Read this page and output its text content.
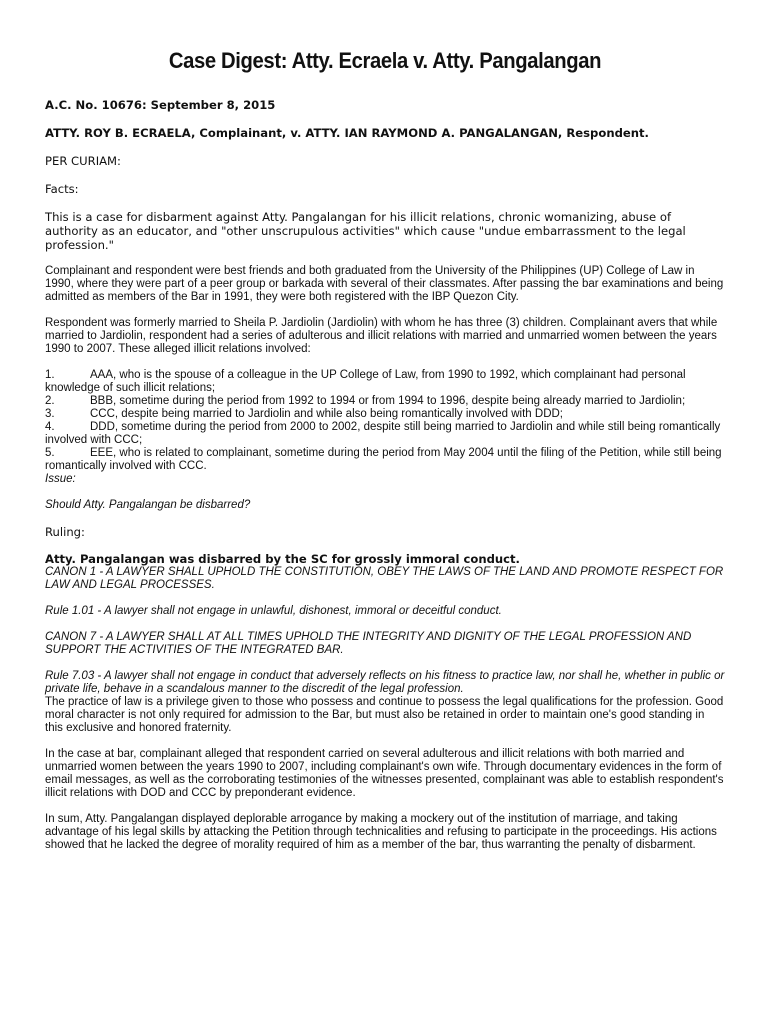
Case Digest: Atty. Ecraela v. Atty. Pangalangan

A.C. No. 10676: September 8, 2015

ATTY. ROY B. ECRAELA, Complainant, v. ATTY. IAN RAYMOND A. PANGALANGAN, Respondent.

PER CURIAM:

Facts:

This is a case for disbarment against Atty. Pangalangan for his illicit relations, chronic womanizing, abuse of authority as an educator, and "other unscrupulous activities" which cause "undue embarrassment to the legal profession."

Complainant and respondent were best friends and both graduated from the University of the Philippines (UP) College of Law in 1990, where they were part of a peer group or barkada with several of their classmates. After passing the bar examinations and being admitted as members of the Bar in 1991, they were both registered with the IBP Quezon City.

Respondent was formerly married to Sheila P. Jardiolin (Jardiolin) with whom he has three (3) children. Complainant avers that while married to Jardiolin, respondent had a series of adulterous and illicit relations with married and unmarried women between the years 1990 to 2007. These alleged illicit relations involved:

1.	AAA, who is the spouse of a colleague in the UP College of Law, from 1990 to 1992, which complainant had personal knowledge of such illicit relations;
2.	BBB, sometime during the period from 1992 to 1994 or from 1994 to 1996, despite being already married to Jardiolin;
3.	CCC, despite being married to Jardiolin and while also being romantically involved with DDD;
4.	DDD, sometime during the period from 2000 to 2002, despite still being married to Jardiolin and while still being romantically involved with CCC;
5.	EEE, who is related to complainant, sometime during the period from May 2004 until the filing of the Petition, while still being romantically involved with CCC.

Issue:

Should Atty. Pangalangan be disbarred?

Ruling:

Atty. Pangalangan was disbarred by the SC for grossly immoral conduct.

CANON 1 - A LAWYER SHALL UPHOLD THE CONSTITUTION, OBEY THE LAWS OF THE LAND AND PROMOTE RESPECT FOR LAW AND LEGAL PROCESSES.

Rule 1.01 - A lawyer shall not engage in unlawful, dishonest, immoral or deceitful conduct.

CANON 7 - A LAWYER SHALL AT ALL TIMES UPHOLD THE INTEGRITY AND DIGNITY OF THE LEGAL PROFESSION AND SUPPORT THE ACTIVITIES OF THE INTEGRATED BAR.

Rule 7.03 - A lawyer shall not engage in conduct that adversely reflects on his fitness to practice law, nor shall he, whether in public or private life, behave in a scandalous manner to the discredit of the legal profession.

The practice of law is a privilege given to those who possess and continue to possess the legal qualifications for the profession. Good moral character is not only required for admission to the Bar, but must also be retained in order to maintain one's good standing in this exclusive and honored fraternity.

In the case at bar, complainant alleged that respondent carried on several adulterous and illicit relations with both married and unmarried women between the years 1990 to 2007, including complainant's own wife. Through documentary evidences in the form of email messages, as well as the corroborating testimonies of the witnesses presented, complainant was able to establish respondent's illicit relations with DOD and CCC by preponderant evidence.

In sum, Atty. Pangalangan displayed deplorable arrogance by making a mockery out of the institution of marriage, and taking advantage of his legal skills by attacking the Petition through technicalities and refusing to participate in the proceedings. His actions showed that he lacked the degree of morality required of him as a member of the bar, thus warranting the penalty of disbarment.
